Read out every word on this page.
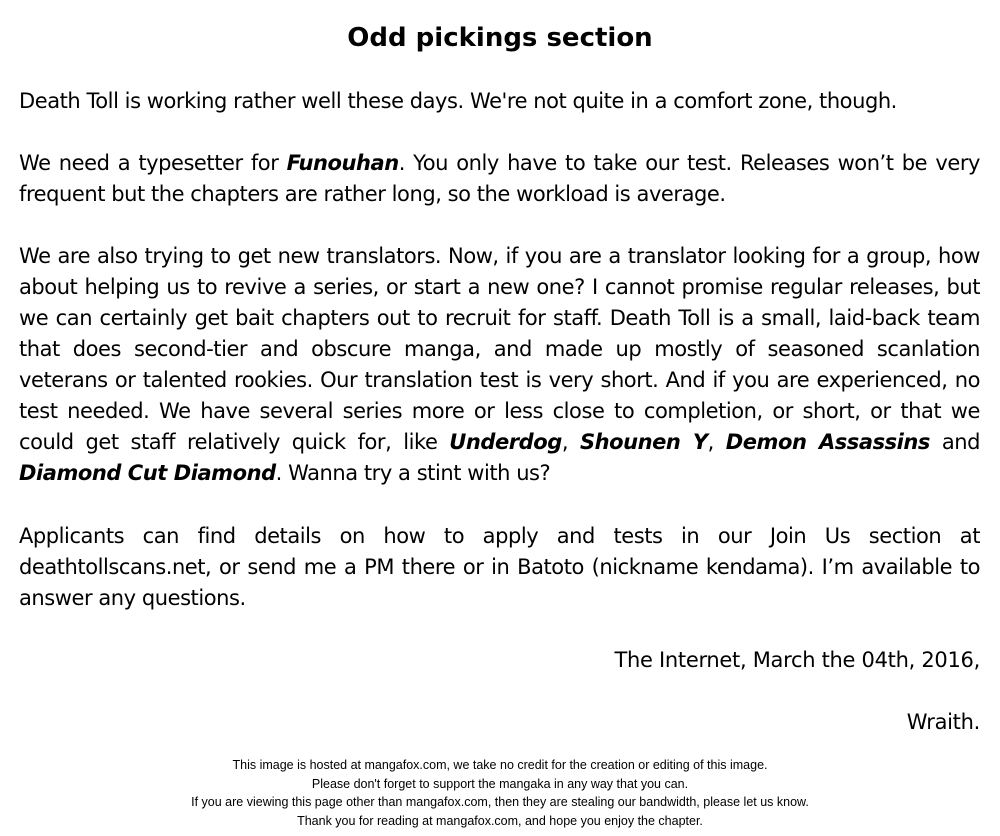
Odd pickings section

Death Toll is working rather well these days. We're not quite in a comfort zone, though.

We need a typesetter for Funouhan. You only have to take our test. Releases won’t be very frequent but the chapters are rather long, so the workload is average.

We are also trying to get new translators. Now, if you are a translator looking for a group, how about helping us to revive a series, or start a new one? I cannot promise regular releases, but we can certainly get bait chapters out to recruit for staff. Death Toll is a small, laid-back team that does second-tier and obscure manga, and made up mostly of seasoned scanlation veterans or talented rookies. Our translation test is very short. And if you are experienced, no test needed. We have several series more or less close to completion, or short, or that we could get staff relatively quick for, like Underdog, Shounen Y, Demon Assassins and Diamond Cut Diamond. Wanna try a stint with us?

Applicants can find details on how to apply and tests in our Join Us section at deathtollscans.net, or send me a PM there or in Batoto (nickname kendama). I’m available to answer any questions.

The Internet, March the 04th, 2016,
Wraith.
This image is hosted at mangafox.com, we take no credit for the creation or editing of this image.
Please don't forget to support the mangaka in any way that you can.
If you are viewing this page other than mangafox.com, then they are stealing our bandwidth, please let us know.
Thank you for reading at mangafox.com, and hope you enjoy the chapter.
